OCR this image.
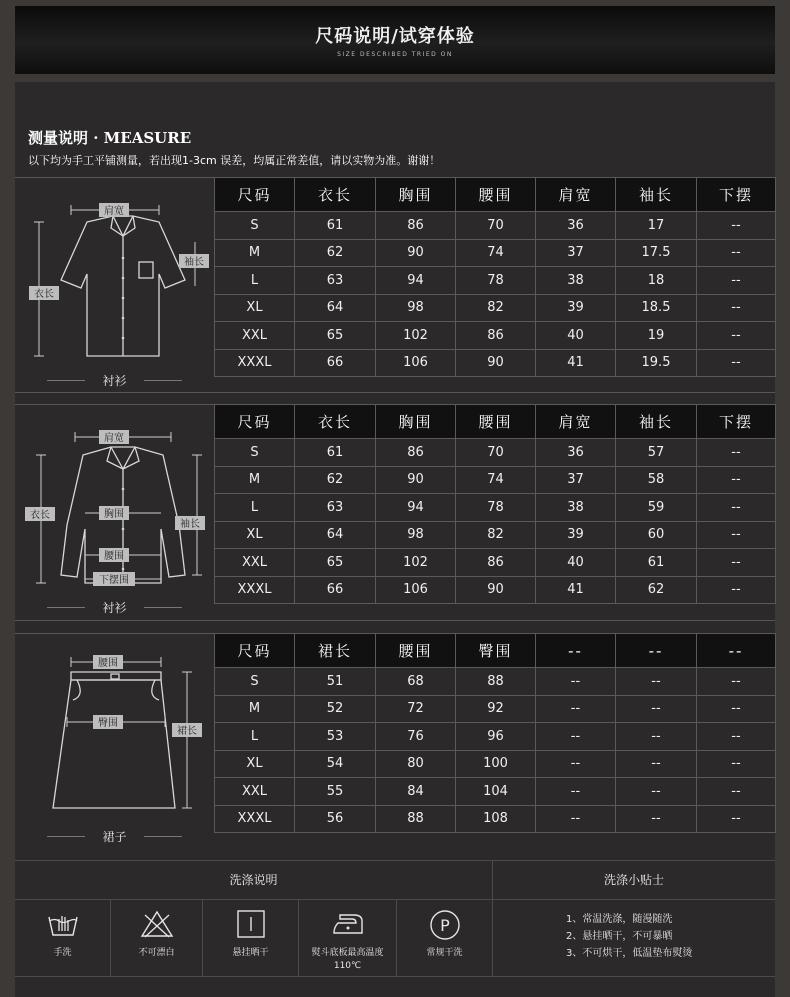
尺码说明/试穿体验
SIZE DESCRIBED TRIED ON
测量说明 · MEASURE
以下均为手工平铺测量，若出现1-3cm 误差，均属正常差值，请以实物为准。谢谢！
肩宽
袖长
衣长
衬衫
尺码	衣长	胸围	腰围	肩宽	袖长	下摆
S	61	86	70	36	17	--
M	62	90	74	37	17.5	--
L	63	94	78	38	18	--
XL	64	98	82	39	18.5	--
XXL	65	102	86	40	19	--
XXXL	66	106	90	41	19.5	--
肩宽
衣长	胸围
袖长
腰围
下摆围
衬衫
尺码	衣长	胸围	腰围	肩宽	袖长	下摆
S	61	86	70	36	57	--
M	62	90	74	37	58	--
L	63	94	78	38	59	--
XL	64	98	82	39	60	--
XXL	65	102	86	40	61	--
XXXL	66	106	90	41	62	--
腰围
臀围
裙长
裙子
尺码	裙长	腰围	臀围	--	--	--
S	51	68	88	--	--	--
M	52	72	92	--	--	--
L	53	76	96	--	--	--
XL	54	80	100	--	--	--
XXL	55	84	104	--	--	--
XXXL	56	88	108	--	--	--
洗涤说明	洗涤小贴士
手洗	不可漂白	悬挂晒干	熨斗底板最高温度110℃
P
常规干洗
1、常温洗涤，随漫随洗
2、悬挂晒干，不可暴晒
3、不可烘干，低温垫布熨烫
